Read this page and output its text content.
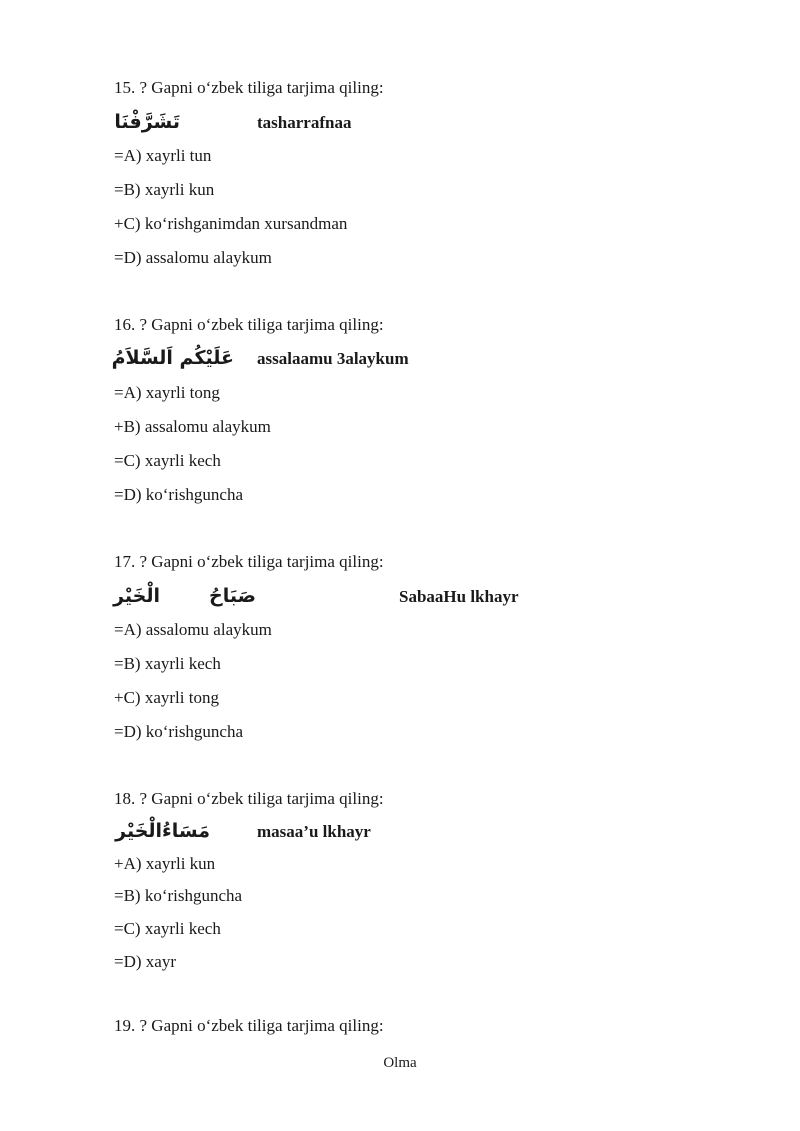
15. ? Gapni o‘zbek tiliga tarjima qiling:
تَشَرَّفْنَا	tasharrafnaa
=A) xayrli tun
=B) xayrli kun
+C) ko‘rishganimdan xursandman
=D) assalomu alaykum
16. ? Gapni o‘zbek tiliga tarjima qiling:
عَلَيْكُم اَلسَّلاَمُ assalaamu 3alaykum
=A) xayrli tong
+B) assalomu alaykum
=C) xayrli kech
=D) ko‘rishguncha
17. ? Gapni o‘zbek tiliga tarjima qiling:
الْخَيْر	صَبَاحُ	SabaaHu lkhayr
=A) assalomu alaykum
=B) xayrli kech
+C) xayrli tong
=D) ko‘rishguncha
18. ? Gapni o‘zbek tiliga tarjima qiling:
مَسَاءُالْخَيْر	masaa’u lkhayr
+A) xayrli kun
=B) ko‘rishguncha
=C) xayrli kech
=D) xayr
19. ? Gapni o‘zbek tiliga tarjima qiling:
Olma
